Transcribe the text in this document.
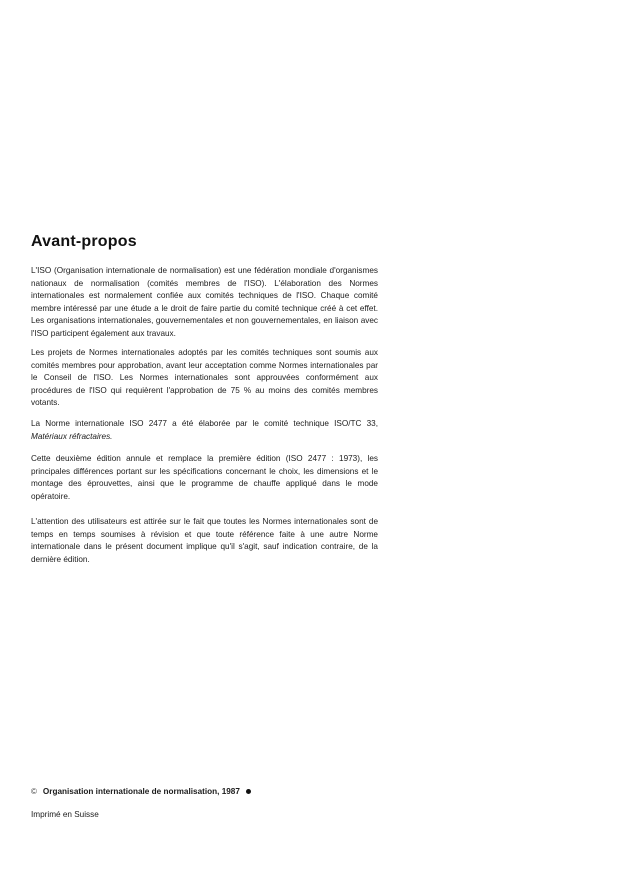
Avant-propos

L'ISO (Organisation internationale de normalisation) est une fédération mondiale d'organismes nationaux de normalisation (comités membres de l'ISO). L'élaboration des Normes internationales est normalement confiée aux comités techniques de l'ISO. Chaque comité membre intéressé par une étude a le droit de faire partie du comité technique créé à cet effet. Les organisations internationales, gouvernementales et non gouvernementales, en liaison avec l'ISO participent également aux travaux.

Les projets de Normes internationales adoptés par les comités techniques sont soumis aux comités membres pour approbation, avant leur acceptation comme Normes internationales par le Conseil de l'ISO. Les Normes internationales sont approuvées conformément aux procédures de l'ISO qui requièrent l'approbation de 75 % au moins des comités membres votants.

La Norme internationale ISO 2477 a été élaborée par le comité technique ISO/TC 33, Matériaux réfractaires.

Cette deuxième édition annule et remplace la première édition (ISO 2477 : 1973), les principales différences portant sur les spécifications concernant le choix, les dimensions et le montage des éprouvettes, ainsi que le programme de chauffe appliqué dans le mode opératoire.

L'attention des utilisateurs est attirée sur le fait que toutes les Normes internationales sont de temps en temps soumises à révision et que toute référence faite à une autre Norme internationale dans le présent document implique qu'il s'agit, sauf indication contraire, de la dernière édition.

© Organisation internationale de normalisation, 1987
Imprimé en Suisse
